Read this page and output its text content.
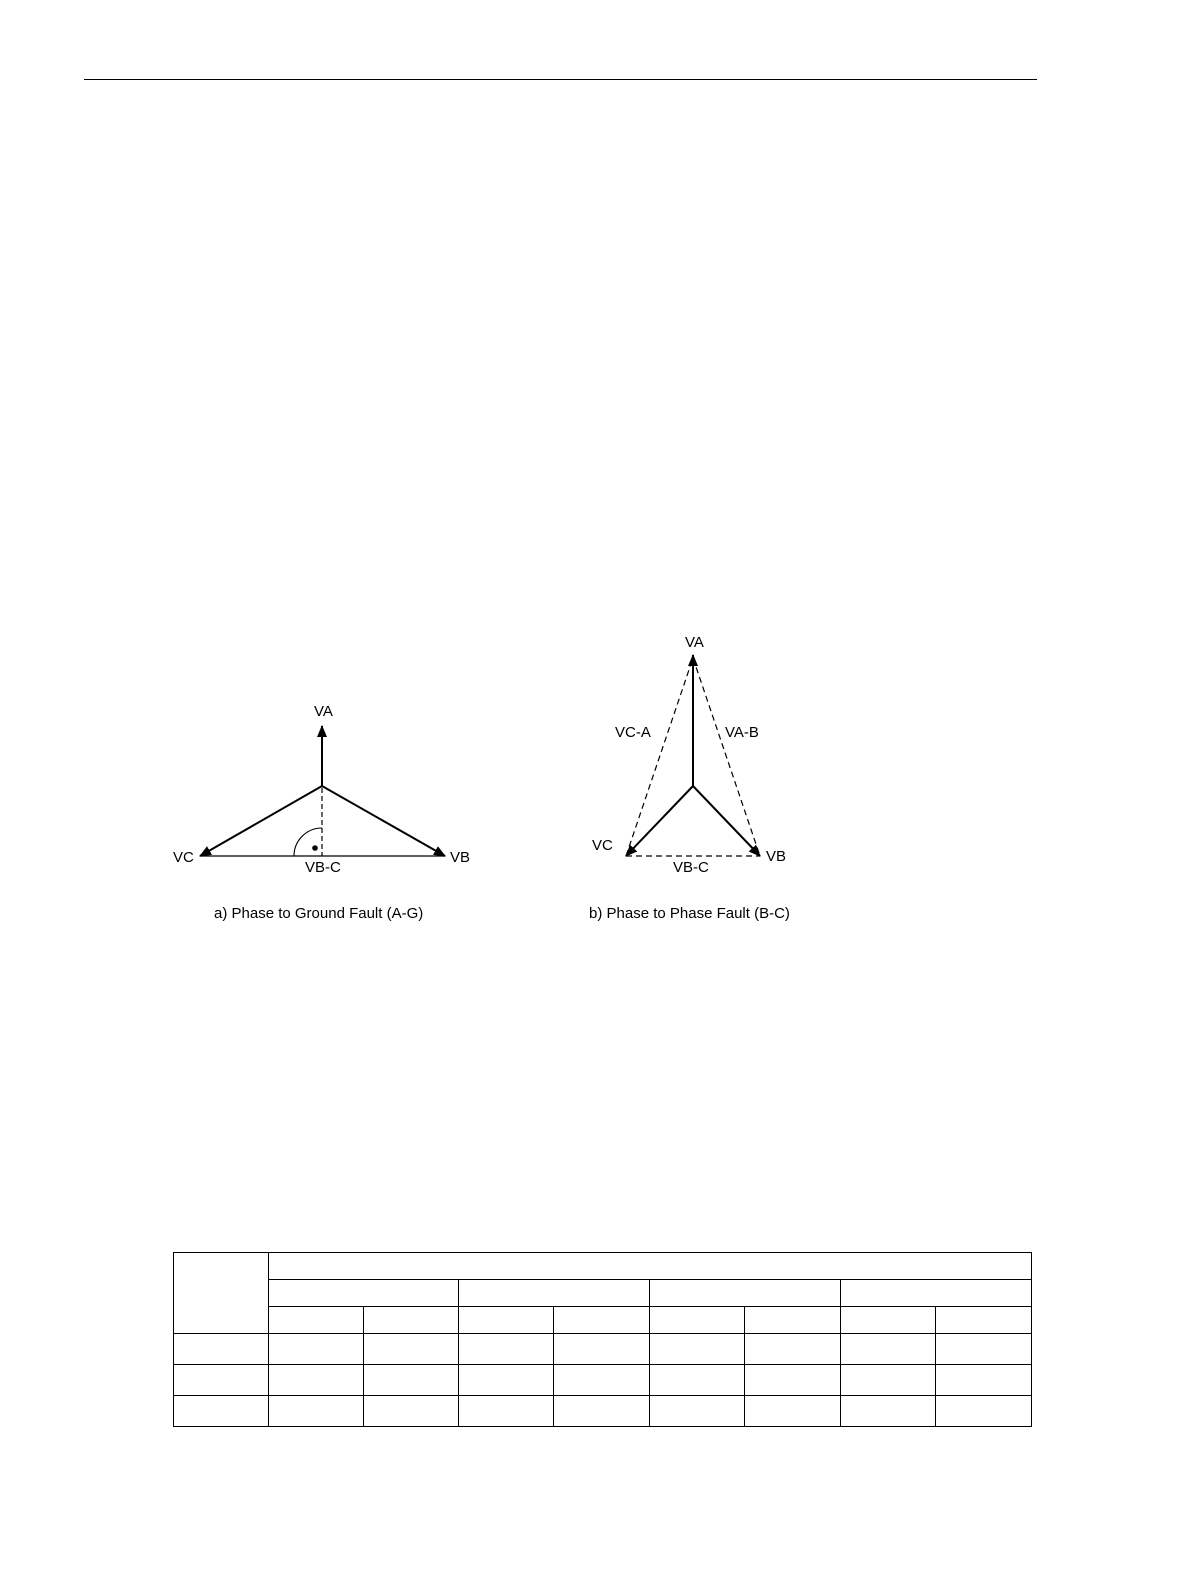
VA
VC	VB
VB-C
a) Phase to Ground Fault (A-G)
VA
VC-A	VA-B
VC
VB
VB-C
b) Phase to Phase Fault (B-C)
